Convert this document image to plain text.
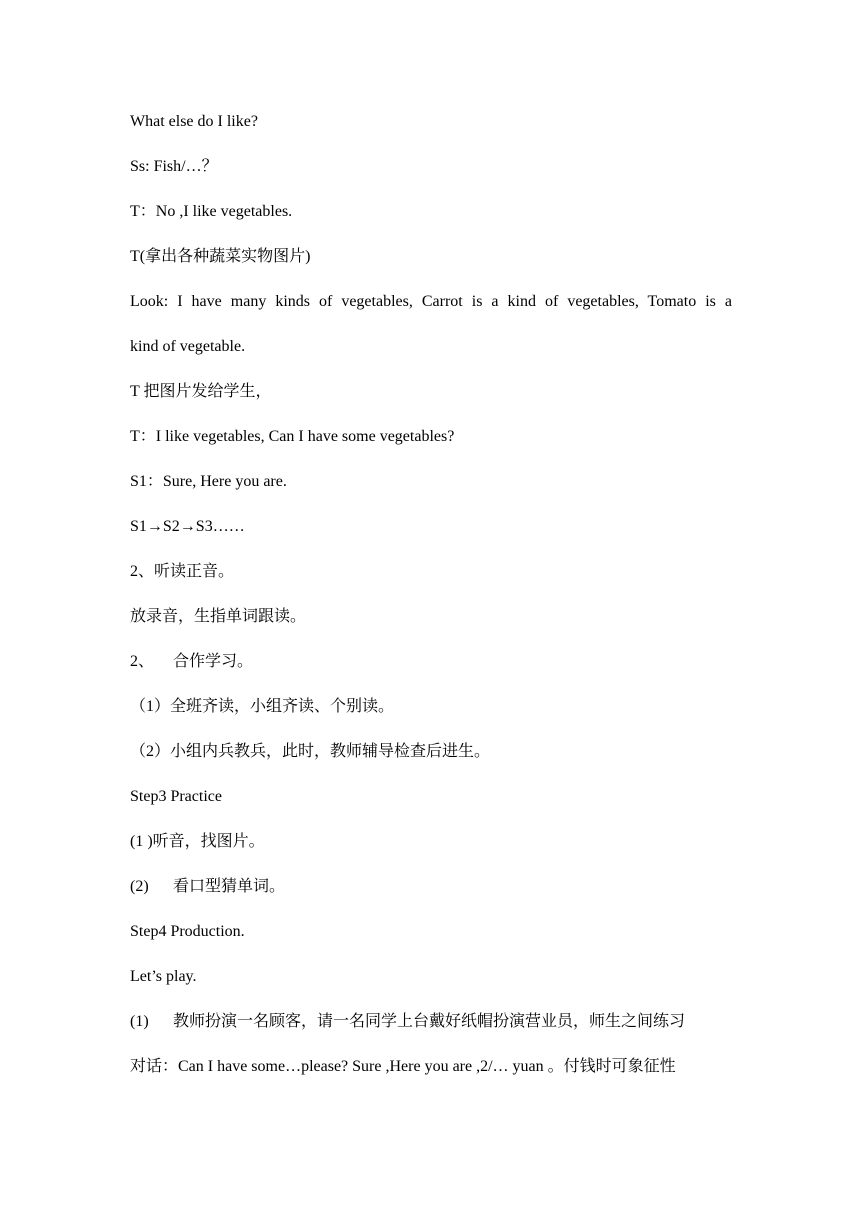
What else do I like?
Ss: Fish/…？
T：No ,I like vegetables.
T(拿出各种蔬菜实物图片)
Look: I have many kinds of vegetables, Carrot is a kind of vegetables, Tomato is a
kind of vegetable.
T 把图片发给学生，
T：I like vegetables, Can I have some vegetables?
S1：Sure, Here you are.
S1→S2→S3……
2、听读正音。
放录音，生指单词跟读。
2、 合作学习。
（1）全班齐读，小组齐读、个别读。
（2）小组内兵教兵，此时，教师辅导检查后进生。
Step3 Practice
(1 )听音，找图片。
(2) 看口型猜单词。
Step4 Production.
Let’s play.
(1) 教师扮演一名顾客，请一名同学上台戴好纸帽扮演营业员，师生之间练习
对话：Can I have some…please? Sure ,Here you are ,2/… yuan 。付钱时可象征性
